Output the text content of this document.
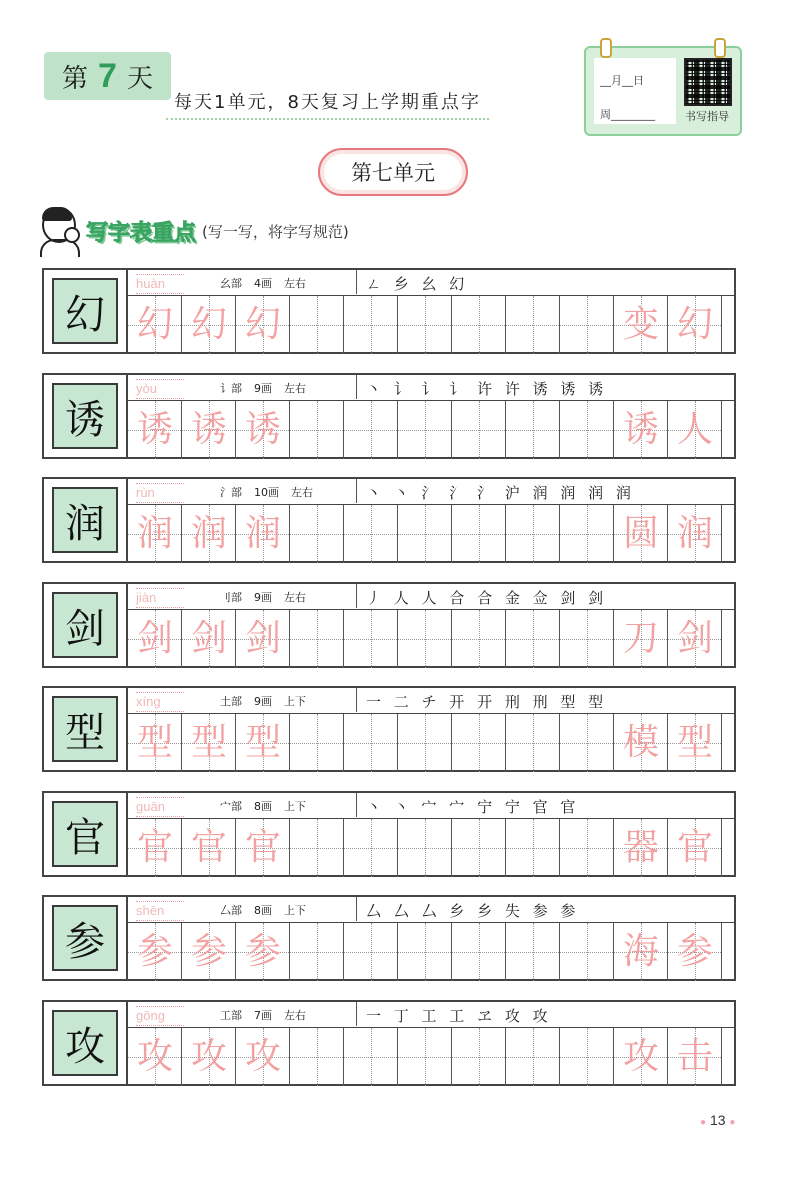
第 7 天
每天1单元，8天复习上学期重点字
__月__日
周________	书写指导
第七单元
写字表重点 (写一写，将字写规范)
幻
huàn	幺部 4画 左右	ㄥ 乡 幺 幻
幻 幻 幻	变 幻
诱
yòu	讠部 9画 左右	丶 讠 讠 讠 许 许 诱 诱 诱
诱 诱 诱	诱 人
润
rùn	氵部 10画 左右	丶 丶 氵 氵 氵 沪 润 润 润 润
润 润 润	圆 润
剑
jiàn	刂部 9画 左右	丿 人 人 合 合 金 佥 剑 剑
剑 剑 剑	刀 剑
型
xíng	土部 9画 上下	一 二 チ 开 开 刑 刑 型 型
型 型 型	模 型
官
guān	宀部 8画 上下	丶 丶 宀 宀 宁 宁 官 官
官 官 官	器 官
参
shēn	厶部 8画 上下	厶 厶 厶 乡 乡 失 参 参
参 参 参	海 参
攻
gōng	工部 7画 左右	一 丁 工 工 ヱ 攻 攻
攻 攻 攻	攻 击
● 13 ●
